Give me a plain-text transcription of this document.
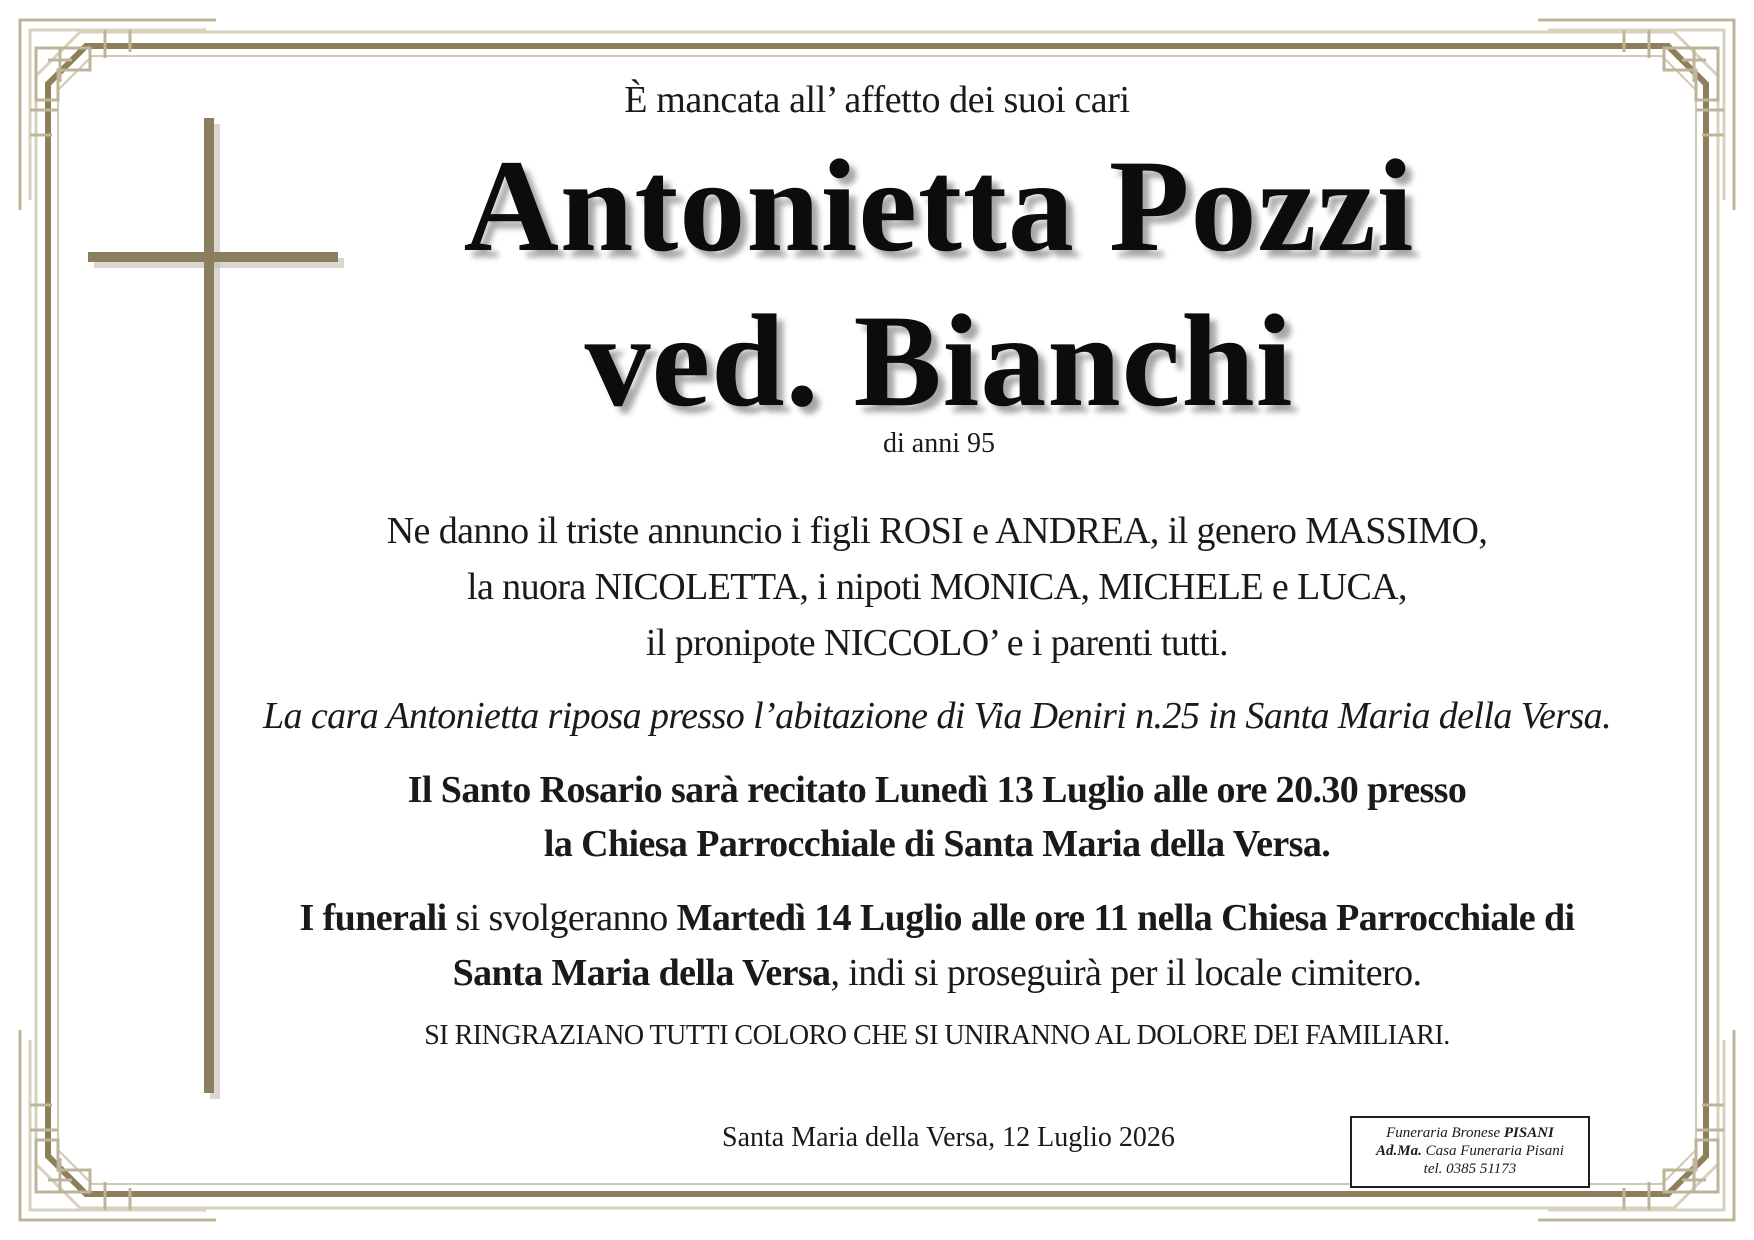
È mancata all’ affetto dei suoi cari
Antonietta Pozzi
ved. Bianchi
di anni 95
Ne danno il triste annuncio i figli ROSI e ANDREA, il genero MASSIMO,
la nuora NICOLETTA, i nipoti MONICA, MICHELE e LUCA,
il pronipote NICCOLO’ e i parenti tutti.
La cara Antonietta riposa presso l’abitazione di Via Deniri n.25 in Santa Maria della Versa.
Il Santo Rosario sarà recitato Lunedì 13 Luglio alle ore 20.30 presso
la Chiesa Parrocchiale di Santa Maria della Versa.
I funerali si svolgeranno Martedì 14 Luglio alle ore 11 nella Chiesa Parrocchiale di
Santa Maria della Versa, indi si proseguirà per il locale cimitero.
SI RINGRAZIANO TUTTI COLORO CHE SI UNIRANNO AL DOLORE DEI FAMILIARI.
Santa Maria della Versa, 12 Luglio 2026	Funeraria Bronese PISANI
Ad.Ma. Casa Funeraria Pisani
tel. 0385 51173
